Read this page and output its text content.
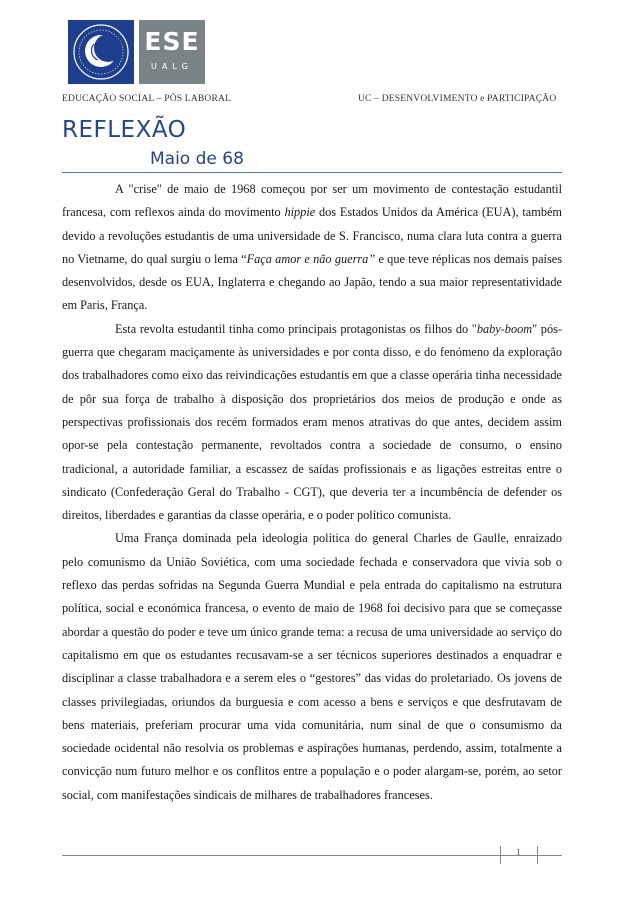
ESE
UALG
EDUCAÇÃO SOCIAL – PÓS LABORAL	UC – DESENVOLVIMENTO e PARTICIPAÇÃO
REFLEXÃO
Maio de 68

A "crise" de maio de 1968 começou por ser um movimento de contestação estudantil francesa, com reflexos ainda do movimento hippie dos Estados Unidos da América (EUA), também devido a revoluções estudantis de uma universidade de S. Francisco, numa clara luta contra a guerra no Vietname, do qual surgiu o lema “Faça amor e não guerra” e que teve réplicas nos demais países desenvolvidos, desde os EUA, Inglaterra e chegando ao Japão, tendo a sua maior representatividade em Paris, França.

Esta revolta estudantil tinha como principais protagonistas os filhos do "baby-boom" pós-guerra que chegaram maciçamente às universidades e por conta disso, e do fenómeno da exploração dos trabalhadores como eixo das reivindicações estudantis em que a classe operária tinha necessidade de pôr sua força de trabalho à disposição dos proprietários dos meios de produção e onde as perspectivas profissionais dos recém formados eram menos atrativas do que antes, decidem assim opor-se pela contestação permanente, revoltados contra a sociedade de consumo, o ensino tradicional, a autoridade familiar, a escassez de saídas profissionais e as ligações estreitas entre o sindicato (Confederação Geral do Trabalho - CGT), que deveria ter a incumbência de defender os direitos, liberdades e garantias da classe operária, e o poder político comunista.

Uma França dominada pela ideologia política do general Charles de Gaulle, enraizado pelo comunismo da União Soviética, com uma sociedade fechada e conservadora que vivia sob o reflexo das perdas sofridas na Segunda Guerra Mundial e pela entrada do capitalismo na estrutura política, social e económica francesa, o evento de maio de 1968 foi decisivo para que se começasse abordar a questão do poder e teve um único grande tema: a recusa de uma universidade ao serviço do capitalismo em que os estudantes recusavam-se a ser técnicos superiores destinados a enquadrar e disciplinar a classe trabalhadora e a serem eles o “gestores” das vidas do proletariado. Os jovens de classes privilegiadas, oriundos da burguesia e com acesso a bens e serviços e que desfrutavam de bens materiais, preferiam procurar uma vida comunitária, num sinal de que o consumismo da sociedade ocidental não resolvia os problemas e aspirações humanas, perdendo, assim, totalmente a convicção num futuro melhor e os conflitos entre a população e o poder alargam-se, porém, ao setor social, com manifestações sindicais de milhares de trabalhadores franceses.

1
